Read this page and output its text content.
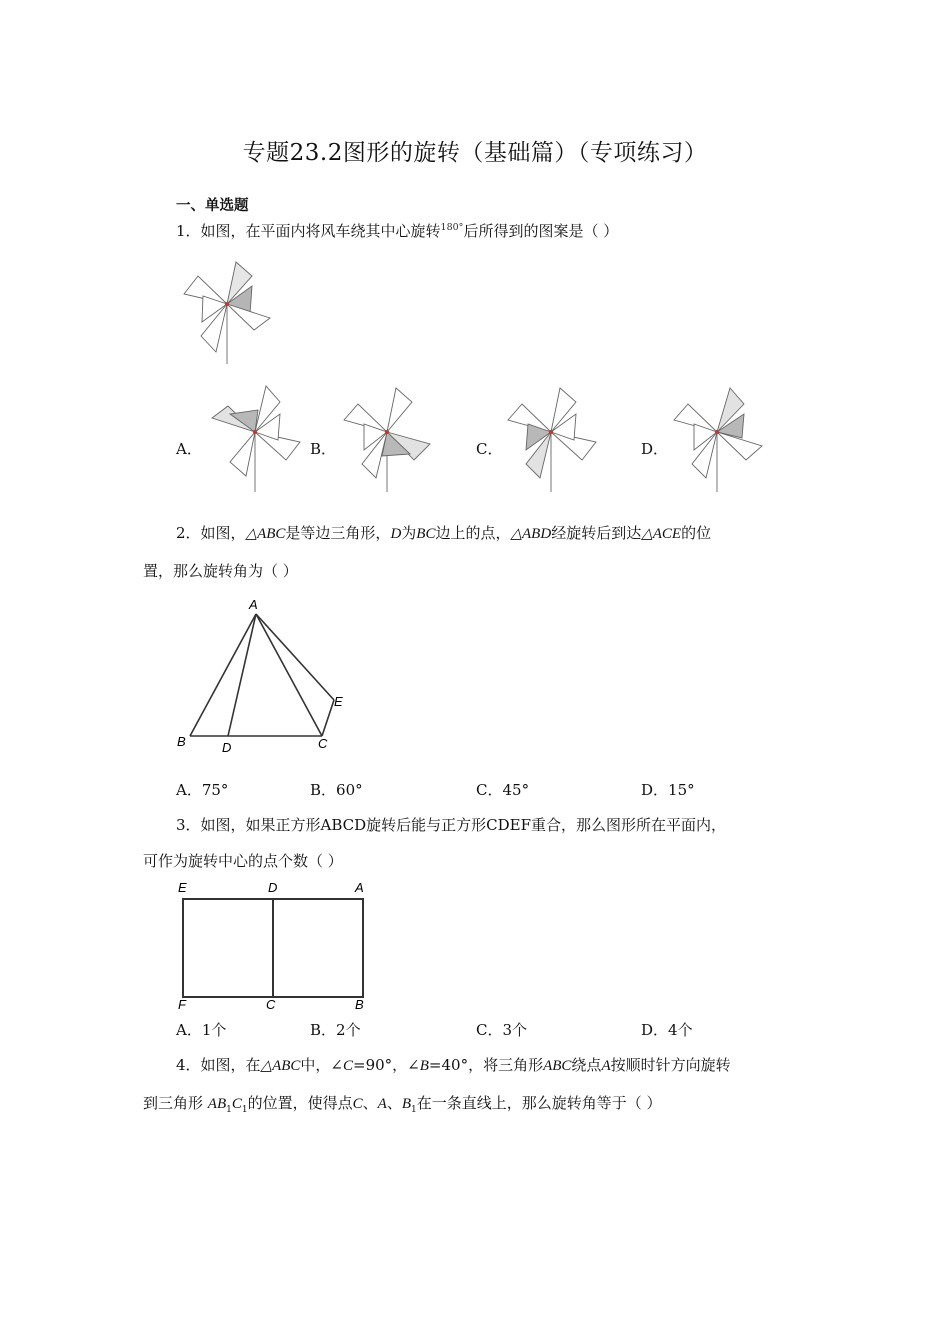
专题23.2图形的旋转（基础篇）（专项练习）
一、单选题
1．如图，在平面内将风车绕其中心旋转$^{180^\circ}$后所得到的图案是（ ）
A．	B．	C．	D．
2．如图，△ABC是等边三角形，D为BC边上的点，△ABD经旋转后到达△ACE的位
置，那么旋转角为（ ）
A
B	D	C
E
A．75°	B．60°	C．45°	D．15°
3．如图，如果正方形ABCD旋转后能与正方形CDEF重合，那么图形所在平面内，
可作为旋转中心的点个数（ ）
E	D	A
F	C	B
A．1个	B．2个	C．3个	D．4个
4．如图，在△ABC中，∠C=90°，∠B=40°，将三角形ABC绕点A按顺时针方向旋转
到三角形 $AB_1C_1$的位置，使得点C、A、$B_1$在一条直线上，那么旋转角等于（ ）
